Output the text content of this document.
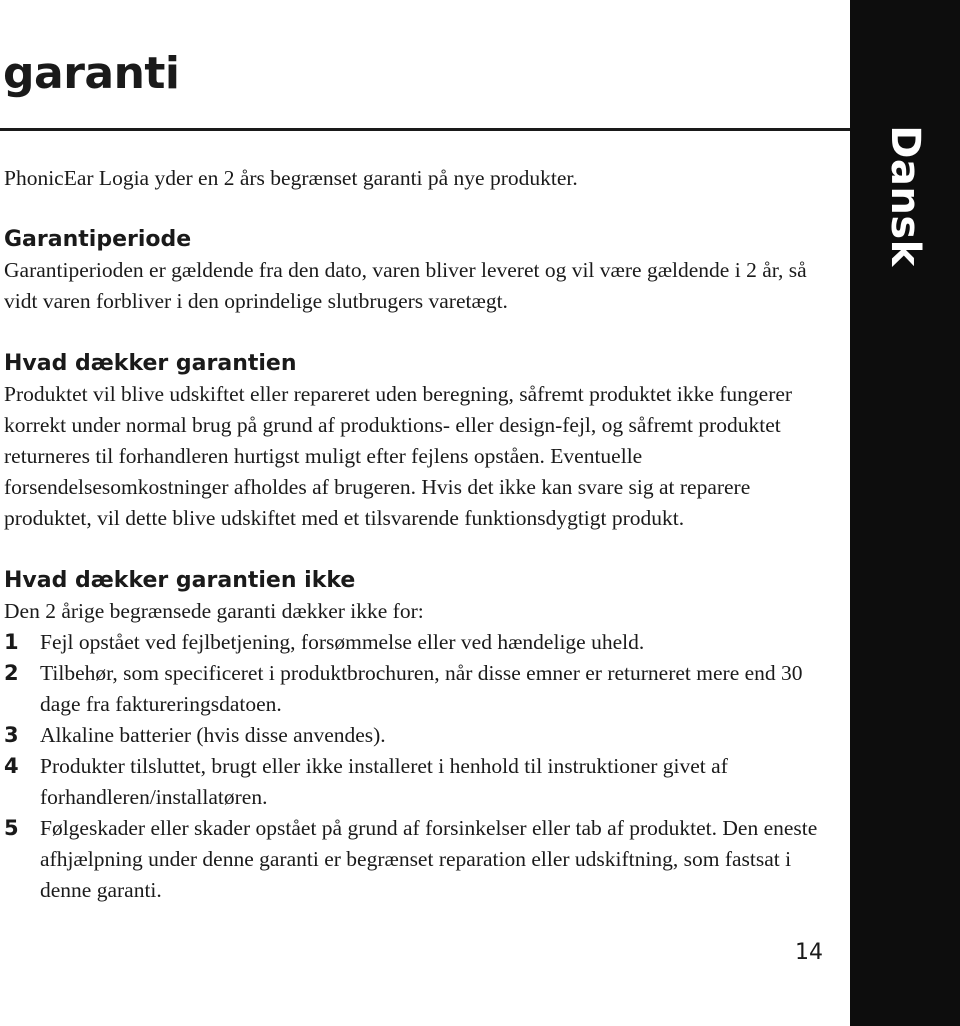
garanti
Dansk

PhonicEar Logia yder en 2 års begrænset garanti på nye produkter.

Garantiperiode

Garantiperioden er gældende fra den dato, varen bliver leveret og vil være gældende i 2 år, så vidt varen forbliver i den oprindelige slutbrugers varetægt.

Hvad dækker garantien

Produktet vil blive udskiftet eller repareret uden beregning, såfremt produktet ikke fungerer korrekt under normal brug på grund af produktions- eller design-fejl, og såfremt produktet returneres til forhandleren hurtigst muligt efter fejlens opståen. Eventuelle forsendelsesomkostninger afholdes af brugeren. Hvis det ikke kan svare sig at reparere produktet, vil dette blive udskiftet med et tilsvarende funktionsdygtigt produkt.

Hvad dækker garantien ikke

Den 2 årige begrænsede garanti dækker ikke for:

1 Fejl opstået ved fejlbetjening, forsømmelse eller ved hændelige uheld.
2 Tilbehør, som specificeret i produktbrochuren, når disse emner er returneret mere end 30 dage fra faktureringsdatoen.
3 Alkaline batterier (hvis disse anvendes).
4 Produkter tilsluttet, brugt eller ikke installeret i henhold til instruktioner givet af forhandleren/installatøren.
5 Følgeskader eller skader opstået på grund af forsinkelser eller tab af produktet. Den eneste afhjælpning under denne garanti er begrænset reparation eller udskiftning, som fastsat i denne garanti.
14
